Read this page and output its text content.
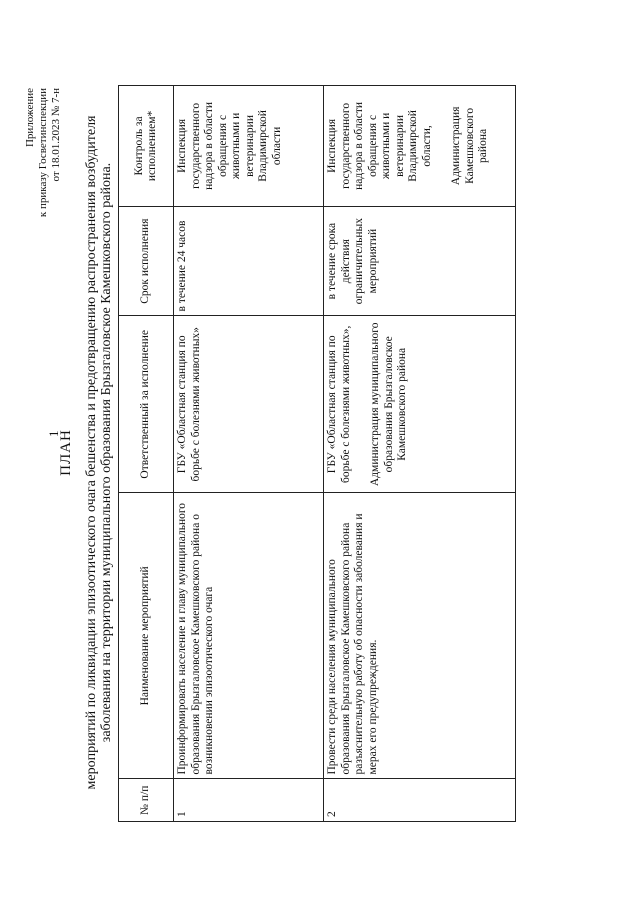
1
Приложение к приказу Госветинспекции от 18.01.2023 № 7-н
ПЛАН мероприятий по ликвидации эпизоотического очага бешенства и предотвращению распространения возбудителя заболевания на территории муниципального образования Брызгаловское Камешковского района.
№ п/п	Наименование мероприятий	Ответственный за исполнение	Срок исполнения	Контроль за исполнением*
1	Проинформировать население и главу муниципального образования Брызгаловское Камешковского района о возникновении эпизоотического очага	ГБУ «Областная станция по борьбе с болезнями животных»	в течение 24 часов	Инспекция государственного надзора в области обращения с животными и ветеринарии Владимирской области
2	Провести среди населения муниципального образования Брызгаловское Камешковского района разъяснительную работу об опасности заболевания и мерах его предупреждения.	ГБУ «Областная станция по борьбе с болезнями животных», Администрация муниципального образования Брызгаловское Камешковского района	в течение срока действия ограничительных мероприятий	Инспекция государственного надзора в области обращения с животными и ветеринарии Владимирской области, Администрация Камешковского района
